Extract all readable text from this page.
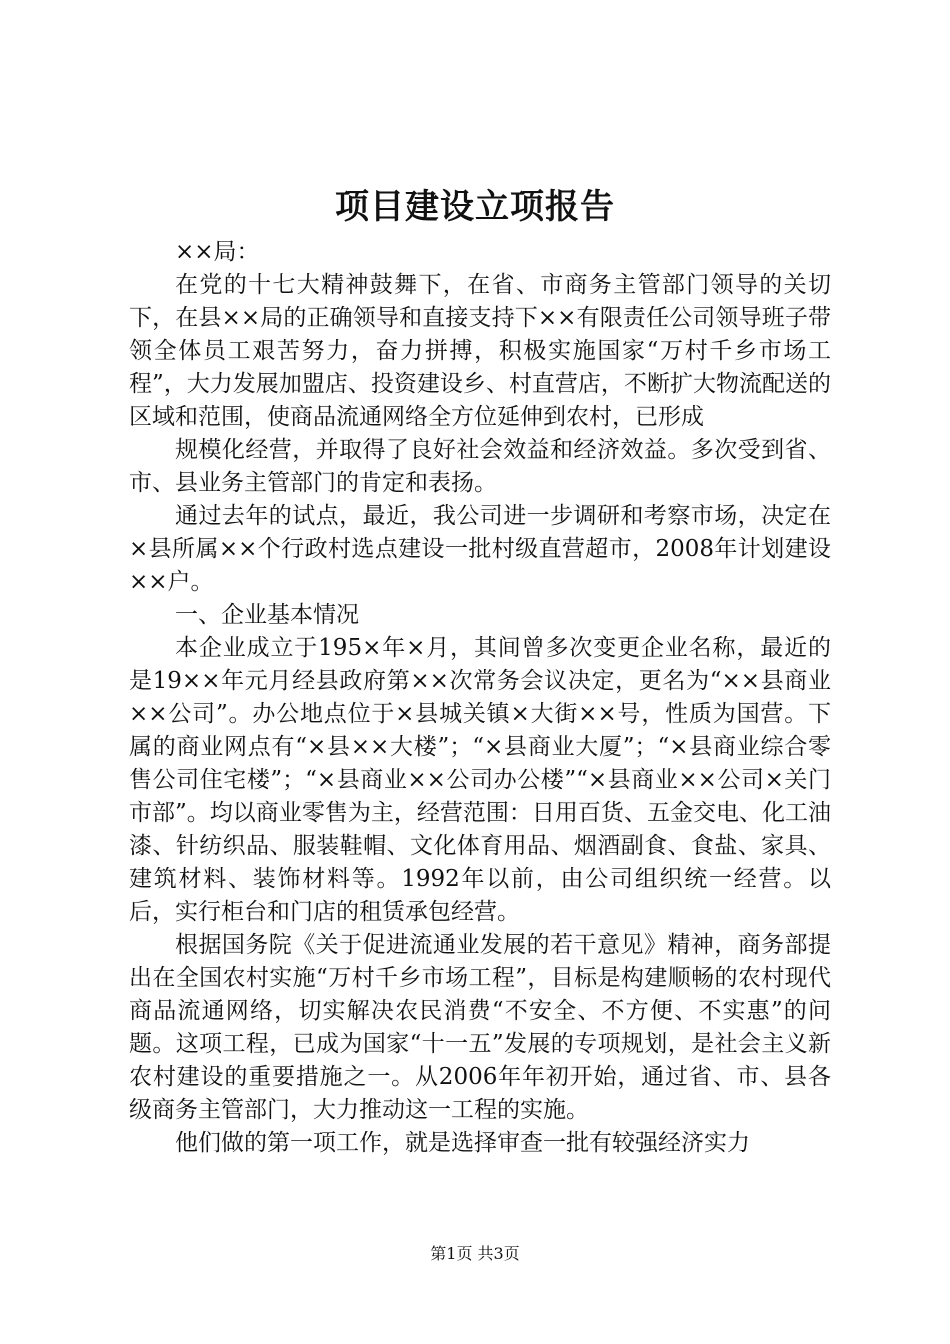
项目建设立项报告

××局：

在党的十七大精神鼓舞下，在省、市商务主管部门领导的关切下，在县××局的正确领导和直接支持下××有限责任公司领导班子带领全体员工艰苦努力，奋力拼搏，积极实施国家“万村千乡市场工程”，大力发展加盟店、投资建设乡、村直营店，不断扩大物流配送的区域和范围，使商品流通网络全方位延伸到农村，已形成

规模化经营，并取得了良好社会效益和经济效益。多次受到省、市、县业务主管部门的肯定和表扬。

通过去年的试点，最近，我公司进一步调研和考察市场，决定在×县所属××个行政村选点建设一批村级直营超市，2008年计划建设××户。

一、企业基本情况

本企业成立于195×年×月，其间曾多次变更企业名称，最近的是19××年元月经县政府第××次常务会议决定，更名为“××县商业××公司”。办公地点位于×县城关镇×大街××号，性质为国营。下属的商业网点有“×县××大楼”；“×县商业大厦”；“×县商业综合零售公司住宅楼”；“×县商业××公司办公楼”“×县商业××公司×关门市部”。均以商业零售为主，经营范围：日用百货、五金交电、化工油漆、针纺织品、服装鞋帽、文化体育用品、烟酒副食、食盐、家具、建筑材料、装饰材料等。1992年以前，由公司组织统一经营。以后，实行柜台和门店的租赁承包经营。

根据国务院《关于促进流通业发展的若干意见》精神，商务部提出在全国农村实施“万村千乡市场工程”，目标是构建顺畅的农村现代商品流通网络，切实解决农民消费“不安全、不方便、不实惠”的问题。这项工程，已成为国家“十一五”发展的专项规划，是社会主义新农村建设的重要措施之一。从2006年年初开始，通过省、市、县各级商务主管部门，大力推动这一工程的实施。

他们做的第一项工作，就是选择审查一批有较强经济实力

第1页 共3页
